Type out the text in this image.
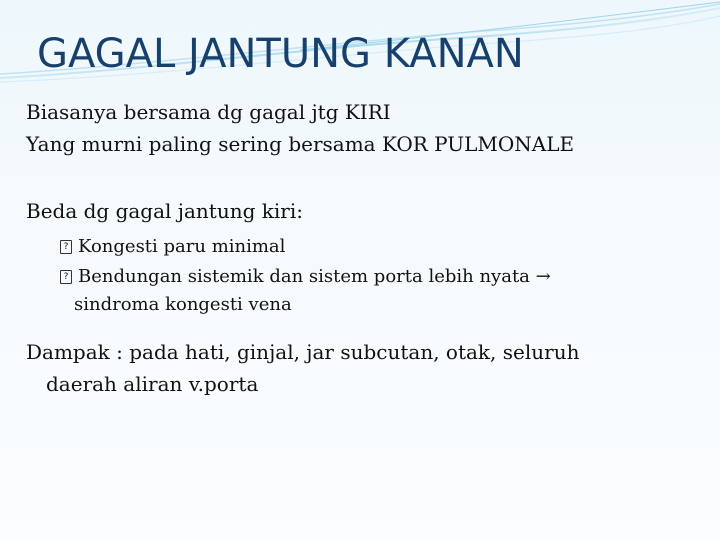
GAGAL JANTUNG KANAN
Biasanya bersama dg gagal jtg KIRI
Yang murni paling sering bersama KOR PULMONALE
Beda dg gagal jantung kiri:
? Kongesti paru minimal
? Bendungan sistemik dan sistem porta lebih nyata →
sindroma kongesti vena
Dampak : pada hati, ginjal, jar subcutan, otak, seluruh
daerah aliran v.porta
